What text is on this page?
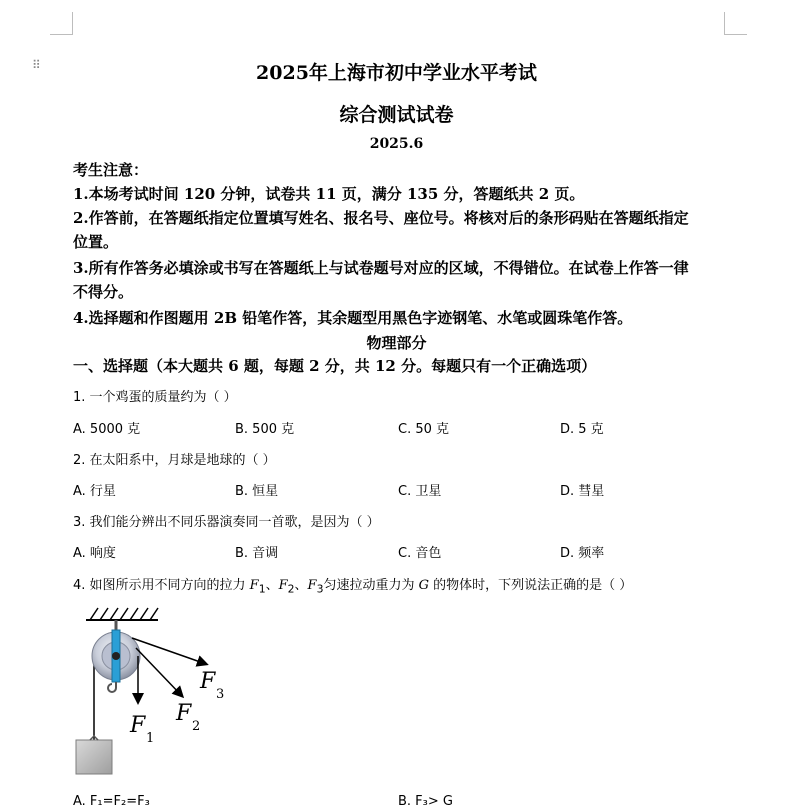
⠿	2025年上海市初中学业水平考试
综合测试试卷
2025.6
考生注意：
1.本场考试时间 120 分钟，试卷共 11 页，满分 135 分，答题纸共 2 页。
2.作答前，在答题纸指定位置填写姓名、报名号、座位号。将核对后的条形码贴在答题纸指定
位置。
3.所有作答务必填涂或书写在答题纸上与试卷题号对应的区域，不得错位。在试卷上作答一律
不得分。
4.选择题和作图题用 2B 铅笔作答，其余题型用黑色字迹钢笔、水笔或圆珠笔作答。
物理部分
一、选择题（本大题共 6 题，每题 2 分，共 12 分。每题只有一个正确选项）
1. 一个鸡蛋的质量约为（ ）
A. 5000 克	B. 500 克	C. 50 克	D. 5 克
2. 在太阳系中，月球是地球的（ ）
A. 行星	B. 恒星	C. 卫星	D. 彗星
3. 我们能分辨出不同乐器演奏同一首歌，是因为（ ）
A. 响度	B. 音调	C. 音色	D. 频率
4. 如图所示用不同方向的拉力 $F_1$、$F_2$、$F_3$匀速拉动重力为 G 的物体时，下列说法正确的是（ ）
F
1
F
2
F
3
A. F₁=F₂=F₃	B. F₃> G
